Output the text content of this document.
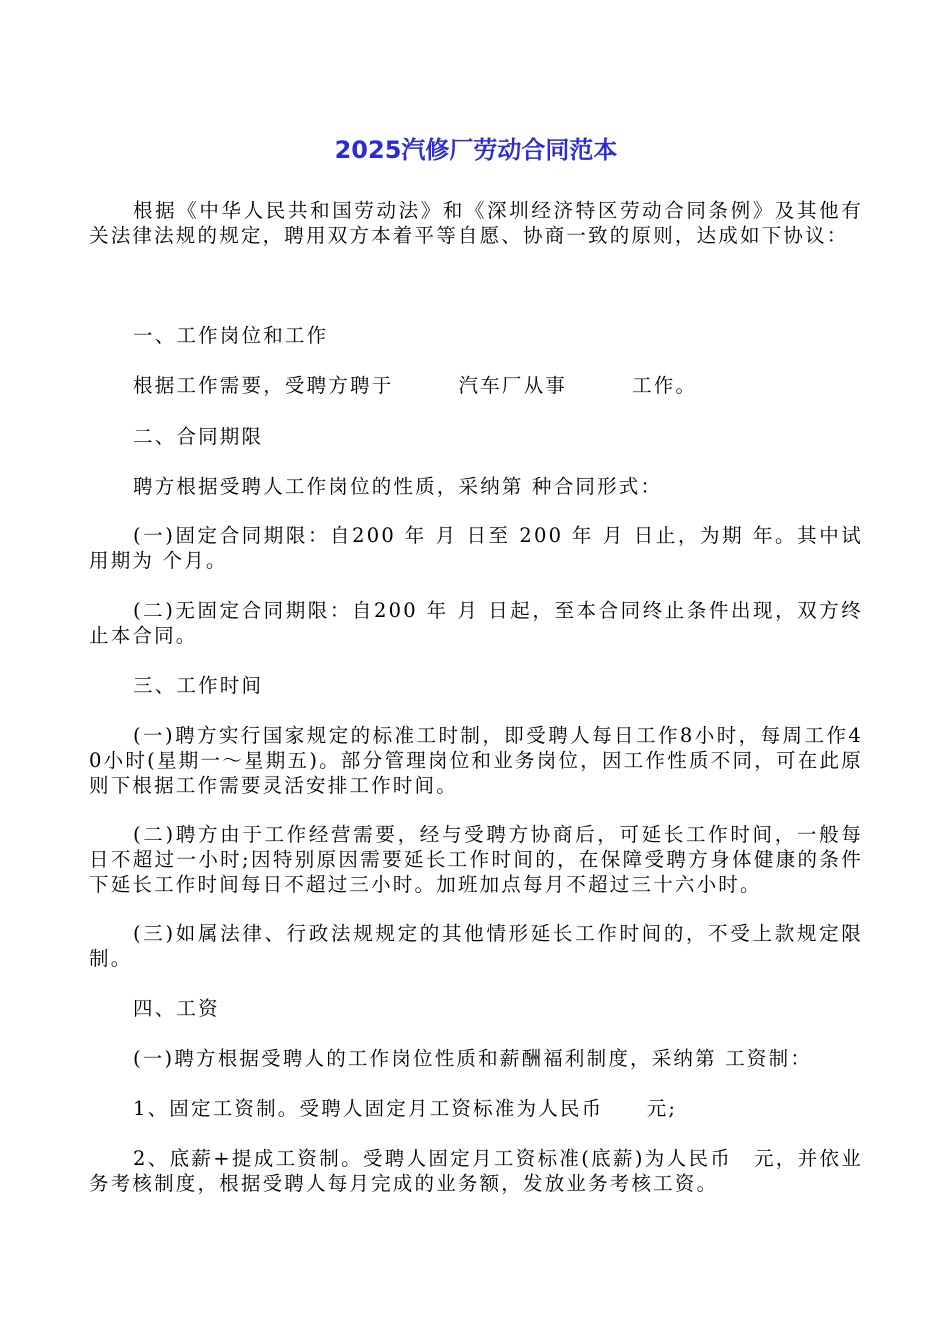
2025汽修厂劳动合同范本

根据《中华人民共和国劳动法》和《深圳经济特区劳动合同条例》及其他有关法律法规的规定，聘用双方本着平等自愿、协商一致的原则，达成如下协议：

一、工作岗位和工作

根据工作需要，受聘方聘于　　　汽车厂从事　　　工作。

二、合同期限

聘方根据受聘人工作岗位的性质，采纳第 种合同形式：

(一)固定合同期限：自200 年 月 日至 200 年 月 日止，为期 年。其中试用期为 个月。

(二)无固定合同期限：自200 年 月 日起，至本合同终止条件出现，双方终止本合同。

三、工作时间

(一)聘方实行国家规定的标准工时制，即受聘人每日工作8小时，每周工作40小时(星期一～星期五)。部分管理岗位和业务岗位，因工作性质不同，可在此原则下根据工作需要灵活安排工作时间。

(二)聘方由于工作经营需要，经与受聘方协商后，可延长工作时间，一般每日不超过一小时;因特别原因需要延长工作时间的，在保障受聘方身体健康的条件下延长工作时间每日不超过三小时。加班加点每月不超过三十六小时。

(三)如属法律、行政法规规定的其他情形延长工作时间的，不受上款规定限制。

四、工资

(一)聘方根据受聘人的工作岗位性质和薪酬福利制度，采纳第 工资制：

1、固定工资制。受聘人固定月工资标准为人民币　　元;

2、底薪+提成工资制。受聘人固定月工资标准(底薪)为人民币　元，并依业务考核制度，根据受聘人每月完成的业务额，发放业务考核工资。
